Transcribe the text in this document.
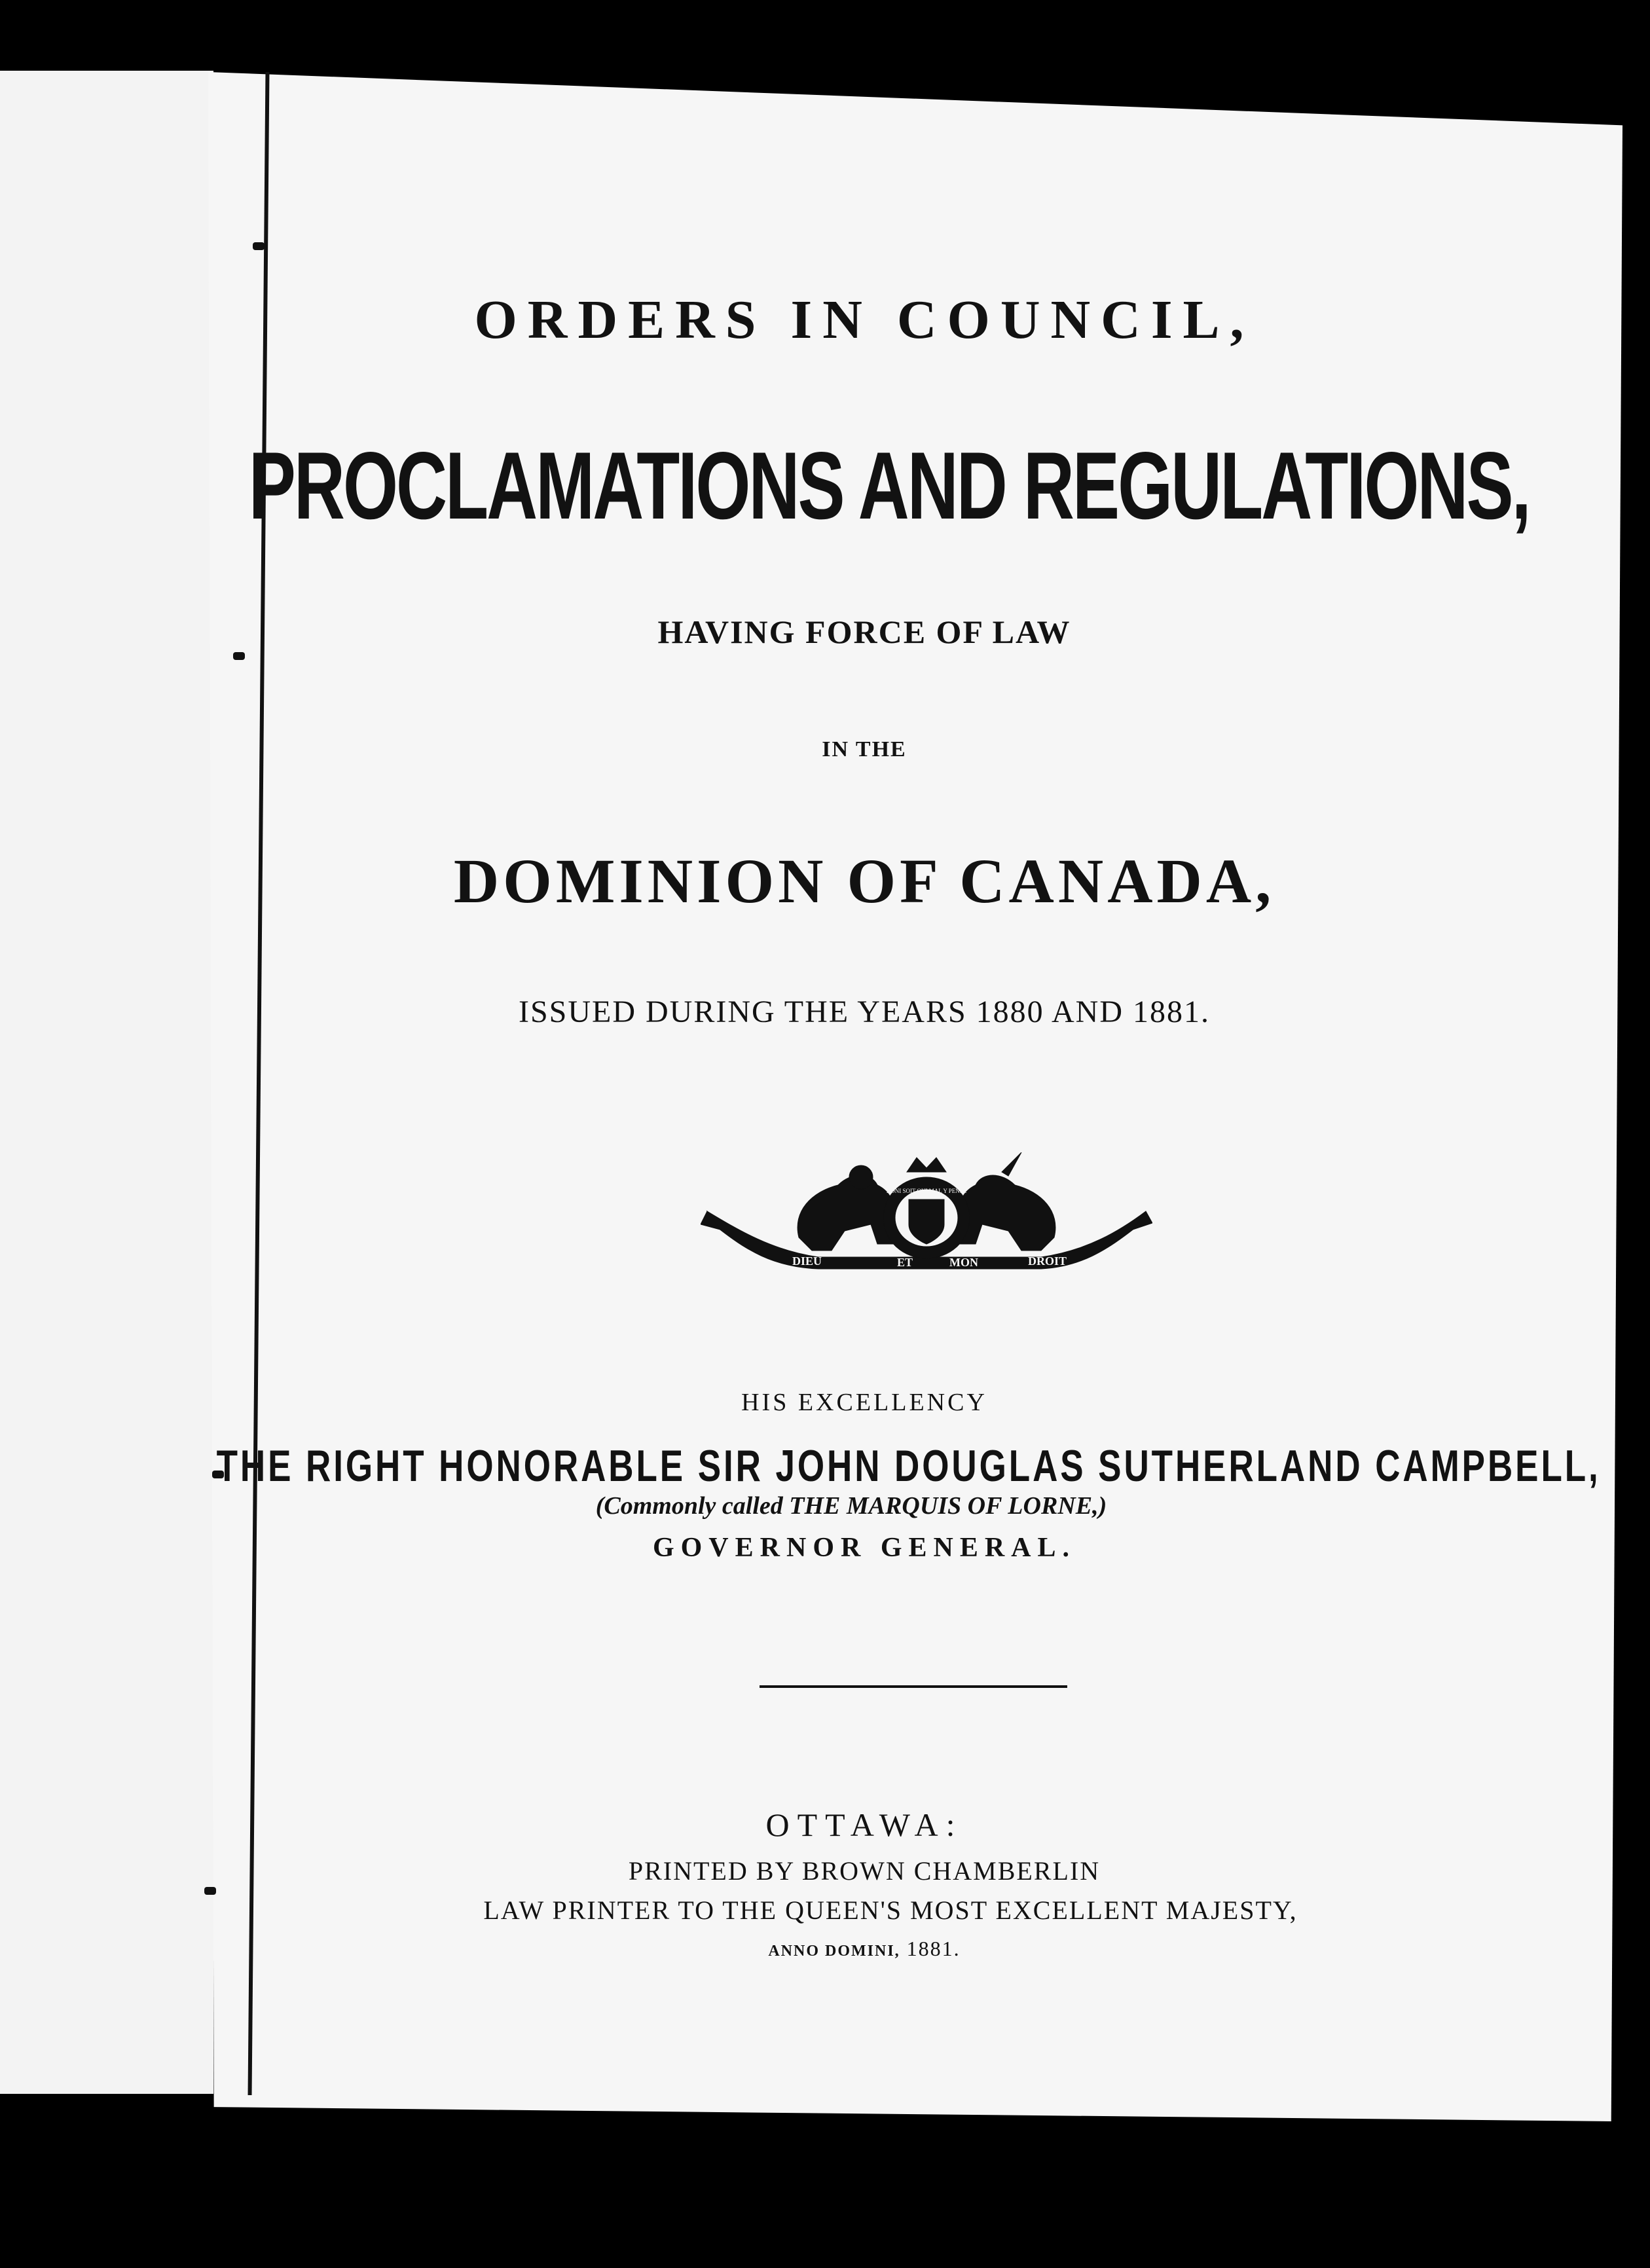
ORDERS IN COUNCIL,
PROCLAMATIONS AND REGULATIONS,
HAVING FORCE OF LAW
IN THE
DOMINION OF CANADA,
ISSUED DURING THE YEARS 1880 AND 1881.
DIEU	ET	MON	DROIT
HONI SOIT QUI MAL Y PENSE
HIS EXCELLENCY
THE RIGHT HONORABLE SIR JOHN DOUGLAS SUTHERLAND CAMPBELL,
(Commonly called THE MARQUIS OF LORNE,)
GOVERNOR GENERAL.
OTTAWA:
PRINTED BY BROWN CHAMBERLIN
LAW PRINTER TO THE QUEEN'S MOST EXCELLENT MAJESTY,
ANNO DOMINI, 1881.
